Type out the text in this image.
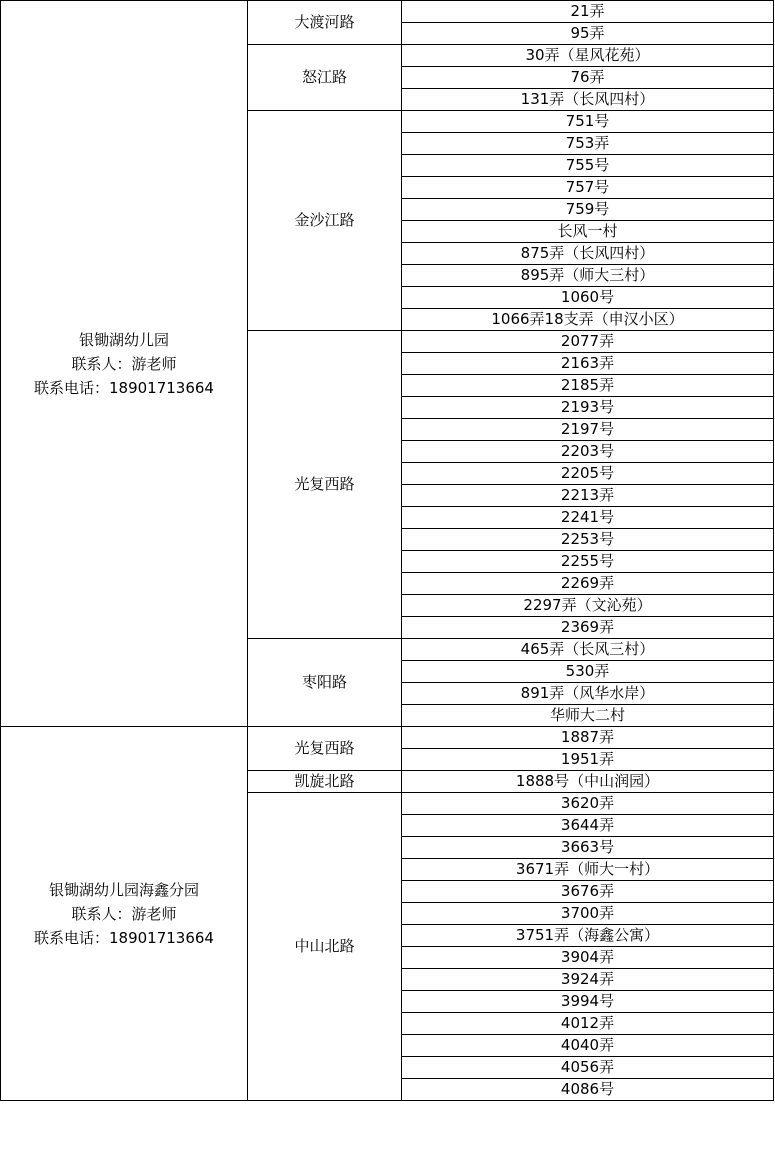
银锄湖幼儿园
联系人：游老师
联系电话：18901713664	大渡河路	21弄
		95弄
	怒江路	30弄（星风花苑）
		76弄
		131弄（长风四村）
	金沙江路	751号
		753弄
		755号
		757号
		759号
		长风一村
		875弄（长风四村）
		895弄（师大三村）
		1060号
		1066弄18支弄（申汉小区）
	光复西路	2077弄
		2163弄
		2185弄
		2193号
		2197号
		2203号
		2205号
		2213弄
		2241号
		2253号
		2255号
		2269弄
		2297弄（文沁苑）
		2369弄
	枣阳路	465弄（长风三村）
		530弄
		891弄（风华水岸）
		华师大二村

银锄湖幼儿园海鑫分园
联系人：游老师
联系电话：18901713664	光复西路	1887弄
		1951弄
	凯旋北路	1888号（中山润园）
	中山北路	3620弄
		3644弄
		3663号
		3671弄（师大一村）
		3676弄
		3700弄
		3751弄（海鑫公寓）
		3904弄
		3924弄
		3994号
		4012弄
		4040弄
		4056弄
		4086号
